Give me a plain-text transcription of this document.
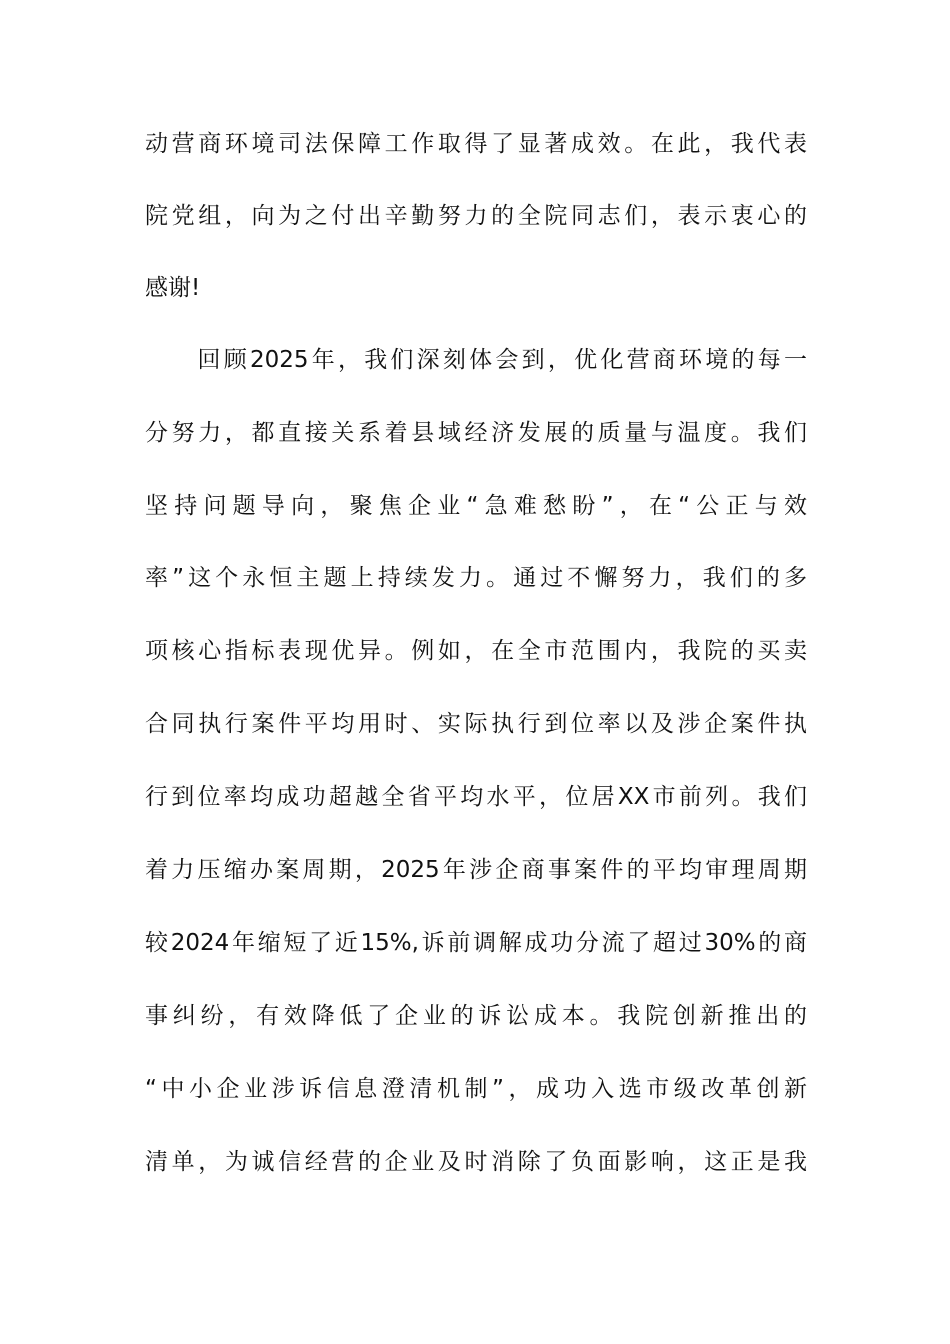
动营商环境司法保障工作取得了显著成效。在此，我代表
院党组，向为之付出辛勤努力的全院同志们，表示衷心的
感谢!
　　回顾2025年，我们深刻体会到，优化营商环境的每一
分努力，都直接关系着县域经济发展的质量与温度。我们
坚持问题导向，聚焦企业“急难愁盼”，在“公正与效
率”这个永恒主题上持续发力。通过不懈努力，我们的多
项核心指标表现优异。例如，在全市范围内，我院的买卖
合同执行案件平均用时、实际执行到位率以及涉企案件执
行到位率均成功超越全省平均水平，位居XX市前列。我们
着力压缩办案周期，2025年涉企商事案件的平均审理周期
较2024年缩短了近15%,诉前调解成功分流了超过30%的商
事纠纷，有效降低了企业的诉讼成本。我院创新推出的
“中小企业涉诉信息澄清机制”，成功入选市级改革创新
清单，为诚信经营的企业及时消除了负面影响，这正是我
